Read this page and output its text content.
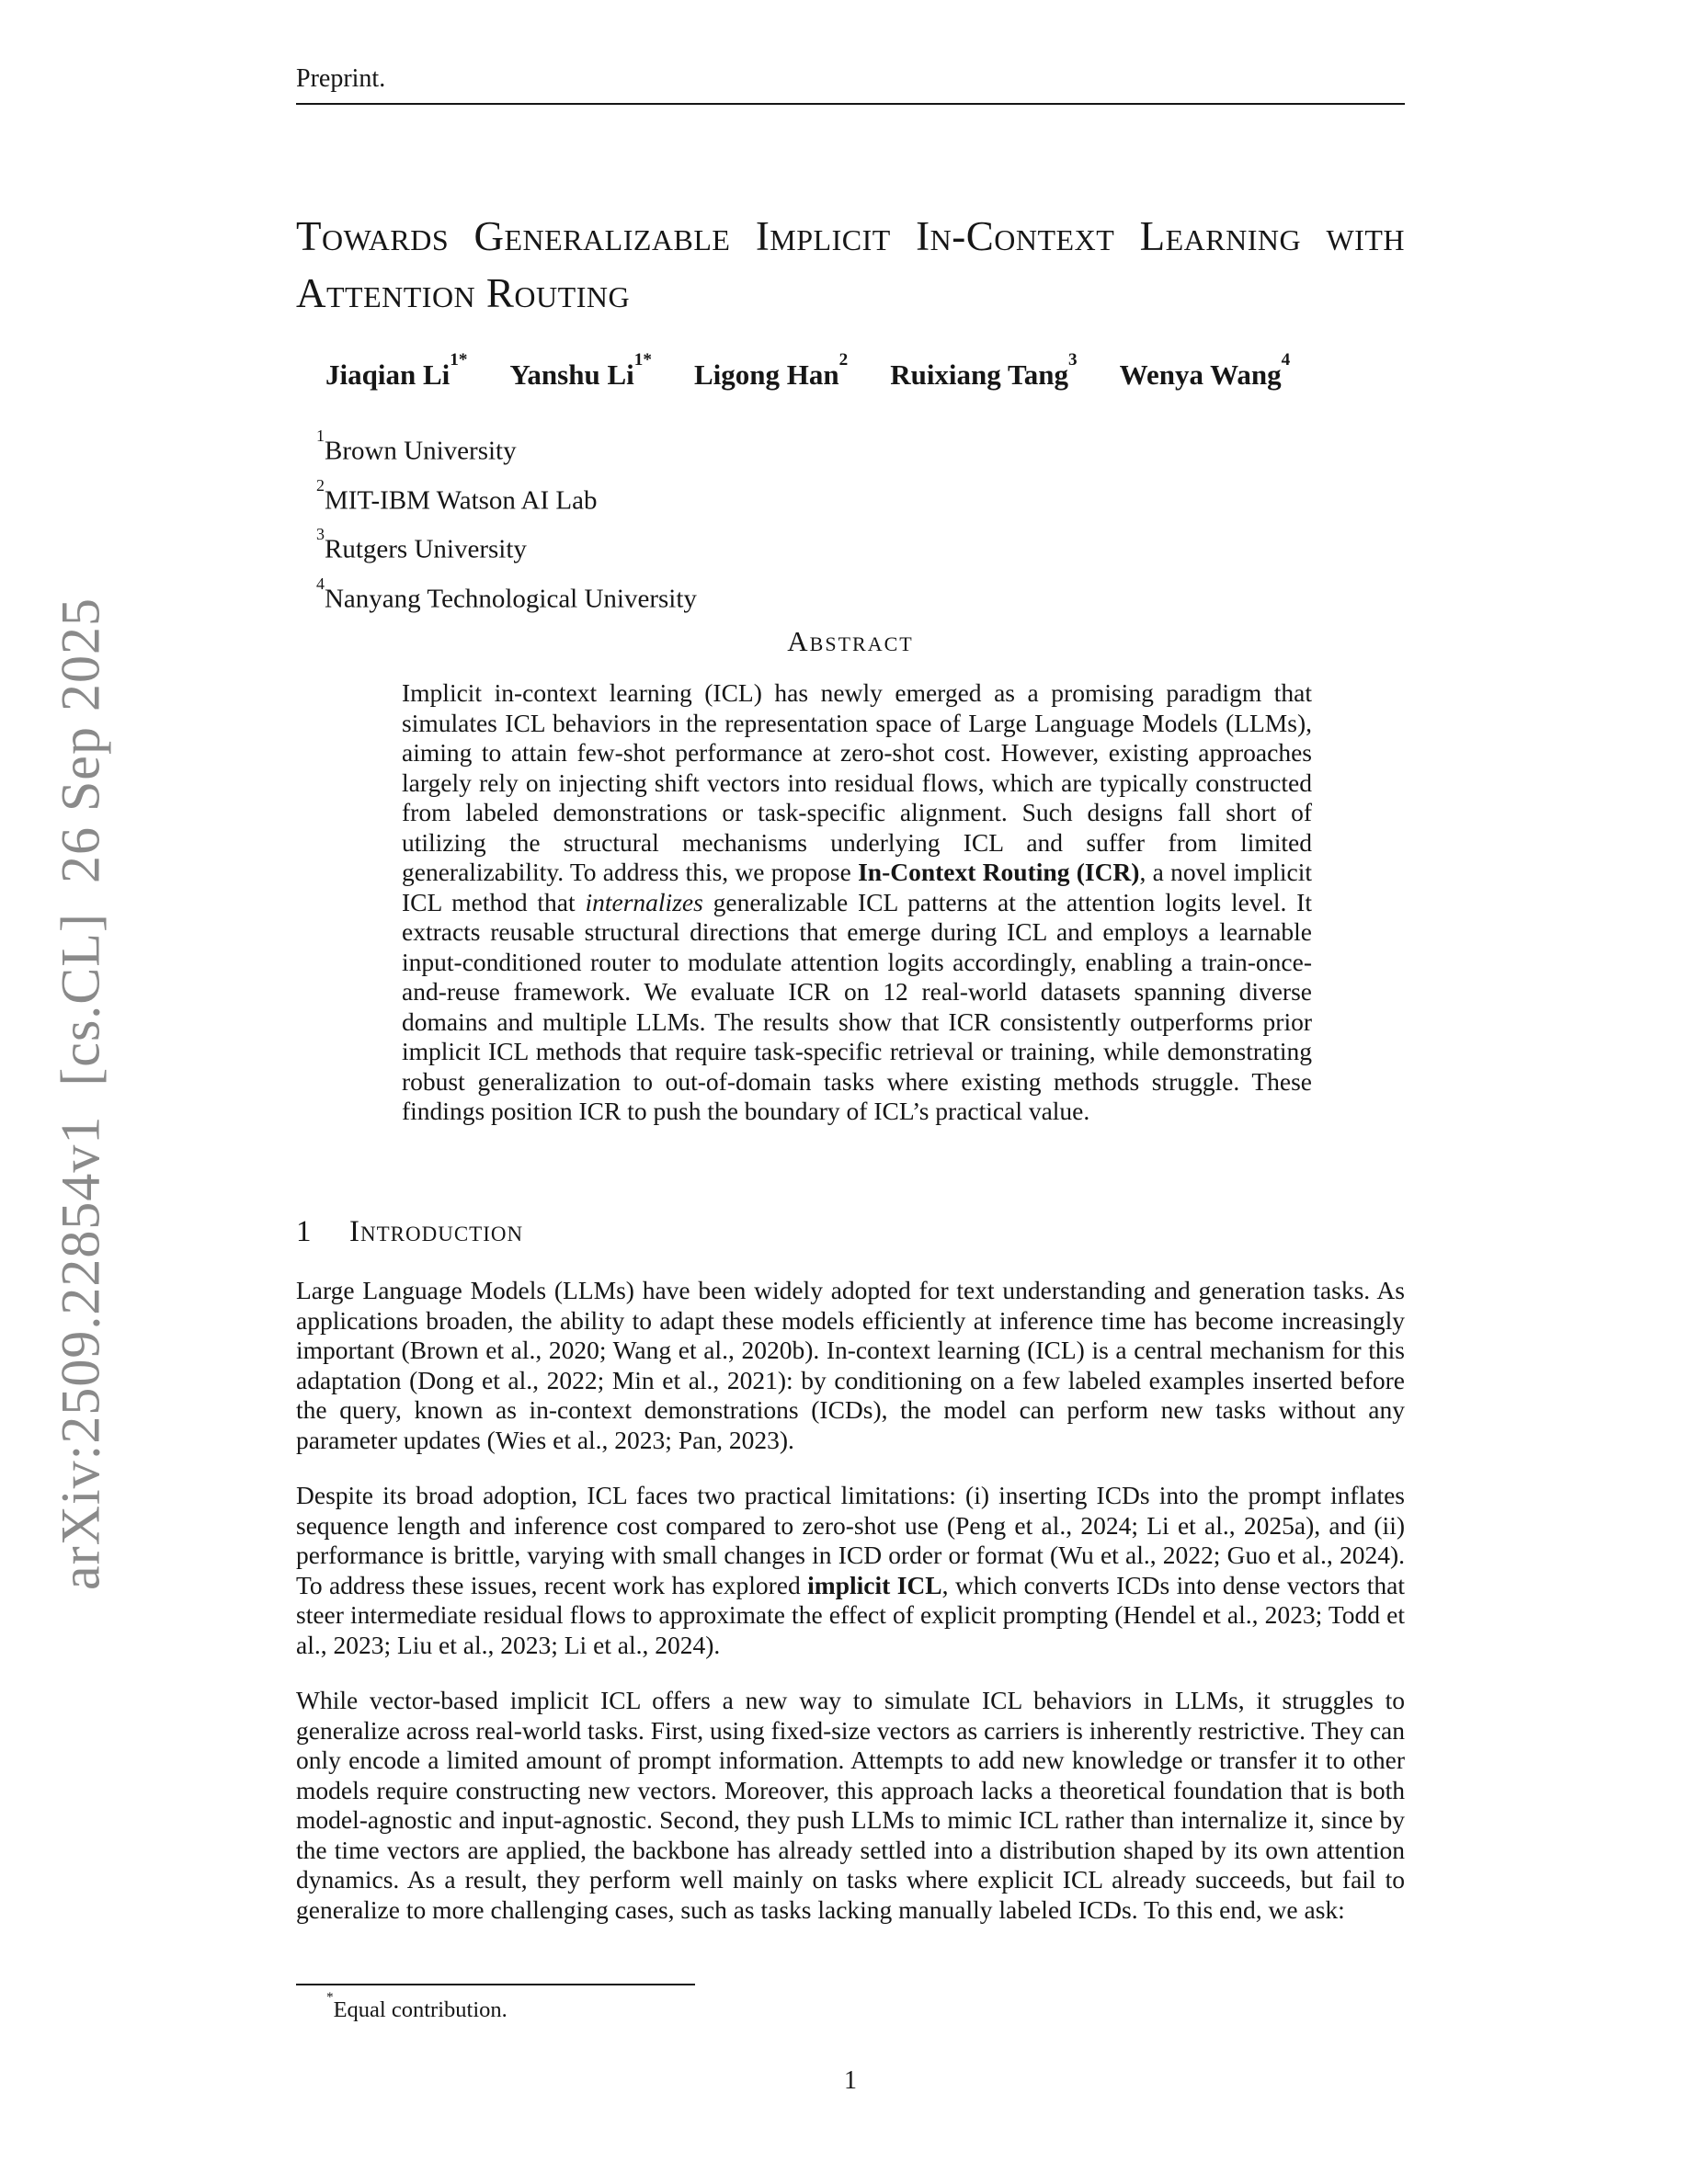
arXiv:2509.22854v1  [cs.CL]  26 Sep 2025
Preprint.
Towards Generalizable Implicit In-Context Learning with Attention Routing
Jiaqian $Li^{1*}$ Yanshu $Li^{1*}$ Ligong Han$^2$ Ruixiang Tang$^3$ Wenya Wang$^4$
$^1$Brown University
$^2$MIT-IBM Watson AI Lab
$^3$Rutgers University
$^4$Nanyang Technological University
Abstract
Implicit in-context learning (ICL) has newly emerged as a promising paradigm that simulates ICL behaviors in the representation space of Large Language Models (LLMs), aiming to attain few-shot performance at zero-shot cost. However, existing approaches largely rely on injecting shift vectors into residual flows, which are typically constructed from labeled demonstrations or task-specific alignment. Such designs fall short of utilizing the structural mechanisms underlying ICL and suffer from limited generalizability. To address this, we propose In-Context Routing (ICR), a novel implicit ICL method that internalizes generalizable ICL patterns at the attention logits level. It extracts reusable structural directions that emerge during ICL and employs a learnable input-conditioned router to modulate attention logits accordingly, enabling a train-once-and-reuse framework. We evaluate ICR on 12 real-world datasets spanning diverse domains and multiple LLMs. The results show that ICR consistently outperforms prior implicit ICL methods that require task-specific retrieval or training, while demonstrating robust generalization to out-of-domain tasks where existing methods struggle. These findings position ICR to push the boundary of ICL’s practical value.
1 Introduction

Large Language Models (LLMs) have been widely adopted for text understanding and generation tasks. As applications broaden, the ability to adapt these models efficiently at inference time has become increasingly important (Brown et al., 2020; Wang et al., 2020b). In-context learning (ICL) is a central mechanism for this adaptation (Dong et al., 2022; Min et al., 2021): by conditioning on a few labeled examples inserted before the query, known as in-context demonstrations (ICDs), the model can perform new tasks without any parameter updates (Wies et al., 2023; Pan, 2023).

Despite its broad adoption, ICL faces two practical limitations: (i) inserting ICDs into the prompt inflates sequence length and inference cost compared to zero-shot use (Peng et al., 2024; Li et al., 2025a), and (ii) performance is brittle, varying with small changes in ICD order or format (Wu et al., 2022; Guo et al., 2024). To address these issues, recent work has explored implicit ICL, which converts ICDs into dense vectors that steer intermediate residual flows to approximate the effect of explicit prompting (Hendel et al., 2023; Todd et al., 2023; Liu et al., 2023; Li et al., 2024).

While vector-based implicit ICL offers a new way to simulate ICL behaviors in LLMs, it struggles to generalize across real-world tasks. First, using fixed-size vectors as carriers is inherently restrictive. They can only encode a limited amount of prompt information. Attempts to add new knowledge or transfer it to other models require constructing new vectors. Moreover, this approach lacks a theoretical foundation that is both model-agnostic and input-agnostic. Second, they push LLMs to mimic ICL rather than internalize it, since by the time vectors are applied, the backbone has already settled into a distribution shaped by its own attention dynamics. As a result, they perform well mainly on tasks where explicit ICL already succeeds, but fail to generalize to more challenging cases, such as tasks lacking manually labeled ICDs. To this end, we ask:

*Equal contribution.
1
